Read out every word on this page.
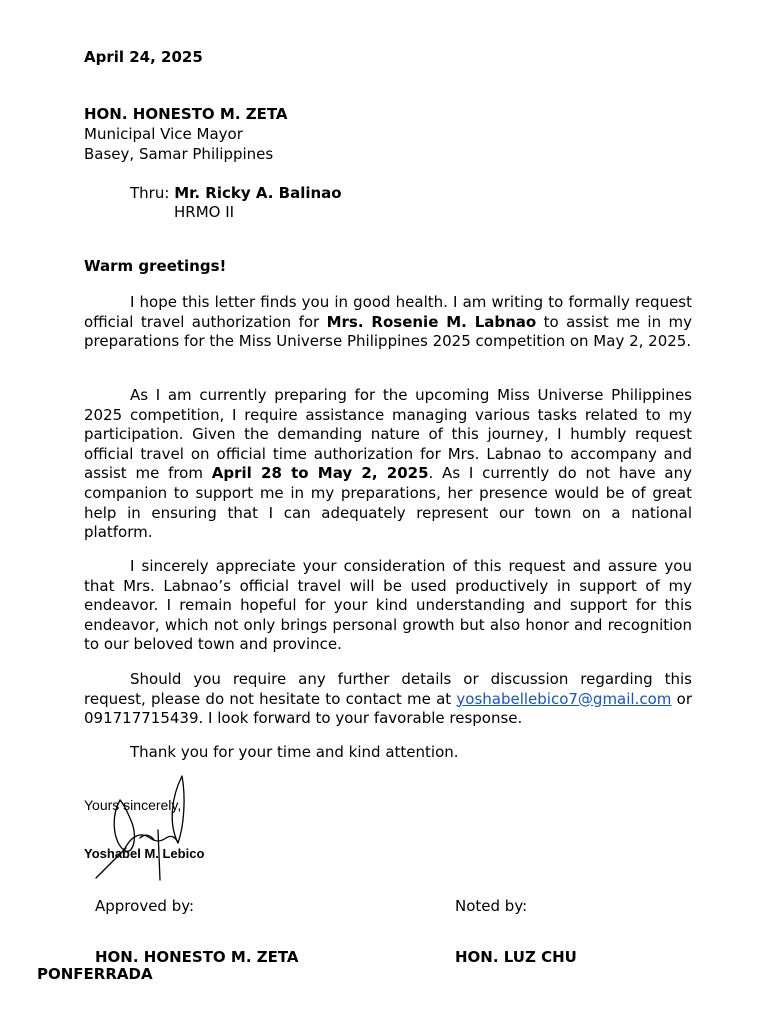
April 24, 2025
HON. HONESTO M. ZETA
Municipal Vice Mayor
Basey, Samar Philippines
Thru: Mr. Ricky A. Balinao
HRMO II
Warm greetings!

I hope this letter finds you in good health. I am writing to formally request official travel authorization for Mrs. Rosenie M. Labnao to assist me in my preparations for the Miss Universe Philippines 2025 competition on May 2, 2025.

As I am currently preparing for the upcoming Miss Universe Philippines 2025 competition, I require assistance managing various tasks related to my participation. Given the demanding nature of this journey, I humbly request official travel on official time authorization for Mrs. Labnao to accompany and assist me from April 28 to May 2, 2025. As I currently do not have any companion to support me in my preparations, her presence would be of great help in ensuring that I can adequately represent our town on a national platform.

I sincerely appreciate your consideration of this request and assure you that Mrs. Labnao’s official travel will be used productively in support of my endeavor. I remain hopeful for your kind understanding and support for this endeavor, which not only brings personal growth but also honor and recognition to our beloved town and province.

Should you require any further details or discussion regarding this request, please do not hesitate to contact me at yoshabellebico7@gmail.com or 091717715439. I look forward to your favorable response.

Thank you for your time and kind attention.

Yours sincerely,
Yoshabel M. Lebico
Approved by:	Noted by:
HON. HONESTO M. ZETA
PONFERRADA
HON. LUZ CHU
